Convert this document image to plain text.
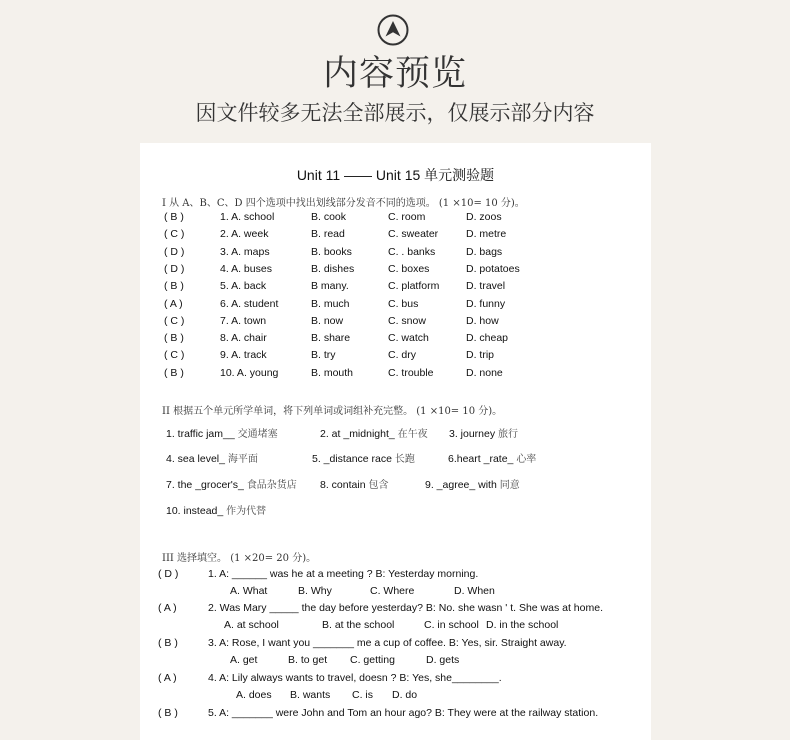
内容预览
因文件较多无法全部展示，仅展示部分内容
Unit 11 —— Unit 15 单元测验题
I 从 A、B、C、D 四个选项中找出划线部分发音不同的选项。 (1 ×10= 10 分)。
( B )	1. A. school	B. cook	C. room	D. zoos
( C )	2. A. week	B. read	C. sweater	D. metre
( D )	3. A. maps	B. books	C. . banks	D. bags
( D )	4. A. buses	B. dishes	C. boxes	D. potatoes
( B )	5. A. back	B many.	C. platform	D. travel
( A )	6. A. student	B. much	C. bus	D. funny
( C )	7. A. town	B. now	C. snow	D. how
( B )	8. A. chair	B. share	C. watch	D. cheap
( C )	9. A. track	B. try	C. dry	D. trip
( B )	10. A. young	B. mouth	C. trouble	D. none
II 根据五个单元所学单词，将下列单词或词组补充完整。 (1 ×10= 10 分)。
1. traffic jam__ 交通堵塞	2. at _midnight_ 在午夜 3. journey 旅行
4. sea level_ 海平面	5. _distance race 长跑	6.heart _rate_ 心率
7. the _grocer's_ 食品杂货店 8. contain 包含	9. _agree_ with 同意
10. instead_ 作为代替
III 选择填空。 (1 ×20= 20 分)。
( D )	1. A: ______ was he at a meeting ? B: Yesterday morning.
A. What	B. Why	C. Where	D. When
( A )	2. Was Mary _____ the day before yesterday? B: No. she wasn ' t. She was at home.
A. at school	B. at the school	C. in school D. in the school
( B )	3. A: Rose, I want you _______ me a cup of coffee. B: Yes, sir. Straight away.
A. get	B. to get C. getting	D. gets
( A )	4. A: Lily always wants to travel, doesn ? B: Yes, she________.
A. does B. wants C. is D. do
( B )	5. A: _______ were John and Tom an hour ago? B: They were at the railway station.
